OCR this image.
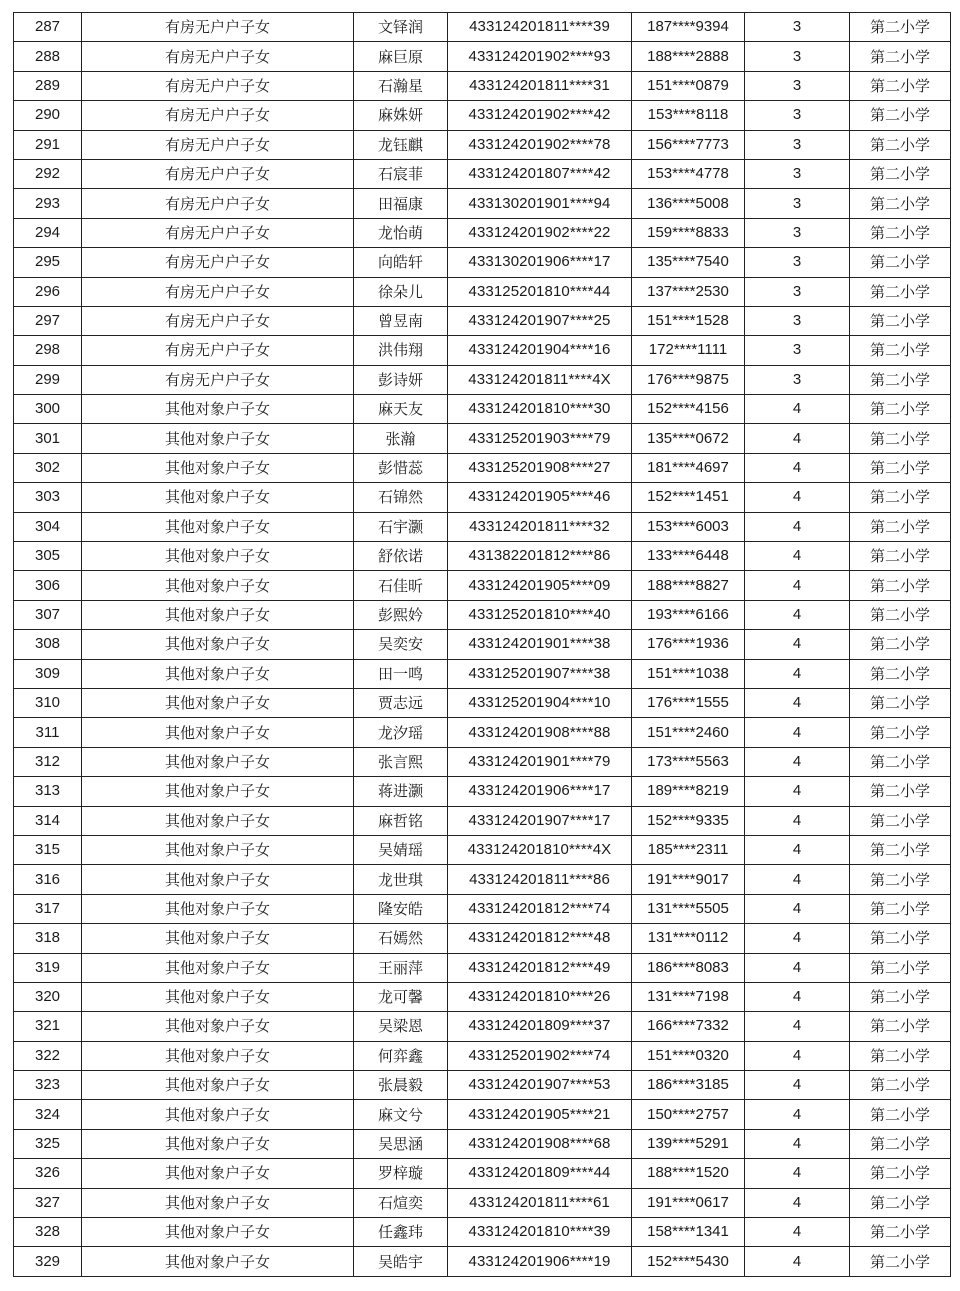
287	有房无户户子女	文铎润	433124201811****39	187****9394	3	第二小学
288	有房无户户子女	麻巨原	433124201902****93	188****2888	3	第二小学
289	有房无户户子女	石瀚星	433124201811****31	151****0879	3	第二小学
290	有房无户户子女	麻姝妍	433124201902****42	153****8118	3	第二小学
291	有房无户户子女	龙钰麒	433124201902****78	156****7773	3	第二小学
292	有房无户户子女	石宸菲	433124201807****42	153****4778	3	第二小学
293	有房无户户子女	田福康	433130201901****94	136****5008	3	第二小学
294	有房无户户子女	龙怡萌	433124201902****22	159****8833	3	第二小学
295	有房无户户子女	向皓轩	433130201906****17	135****7540	3	第二小学
296	有房无户户子女	徐朵儿	433125201810****44	137****2530	3	第二小学
297	有房无户户子女	曾昱南	433124201907****25	151****1528	3	第二小学
298	有房无户户子女	洪伟翔	433124201904****16	172****1111	3	第二小学
299	有房无户户子女	彭诗妍	433124201811****4X	176****9875	3	第二小学
300	其他对象户子女	麻天友	433124201810****30	152****4156	4	第二小学
301	其他对象户子女	张瀚	433125201903****79	135****0672	4	第二小学
302	其他对象户子女	彭惜蕊	433125201908****27	181****4697	4	第二小学
303	其他对象户子女	石锦然	433124201905****46	152****1451	4	第二小学
304	其他对象户子女	石宇灏	433124201811****32	153****6003	4	第二小学
305	其他对象户子女	舒依诺	431382201812****86	133****6448	4	第二小学
306	其他对象户子女	石佳昕	433124201905****09	188****8827	4	第二小学
307	其他对象户子女	彭熙妗	433125201810****40	193****6166	4	第二小学
308	其他对象户子女	吴奕安	433124201901****38	176****1936	4	第二小学
309	其他对象户子女	田一鸣	433125201907****38	151****1038	4	第二小学
310	其他对象户子女	贾志远	433125201904****10	176****1555	4	第二小学
311	其他对象户子女	龙汐瑶	433124201908****88	151****2460	4	第二小学
312	其他对象户子女	张言熙	433124201901****79	173****5563	4	第二小学
313	其他对象户子女	蒋进灏	433124201906****17	189****8219	4	第二小学
314	其他对象户子女	麻哲铭	433124201907****17	152****9335	4	第二小学
315	其他对象户子女	吴婧瑶	433124201810****4X	185****2311	4	第二小学
316	其他对象户子女	龙世琪	433124201811****86	191****9017	4	第二小学
317	其他对象户子女	隆安皓	433124201812****74	131****5505	4	第二小学
318	其他对象户子女	石嫣然	433124201812****48	131****0112	4	第二小学
319	其他对象户子女	王丽萍	433124201812****49	186****8083	4	第二小学
320	其他对象户子女	龙可馨	433124201810****26	131****7198	4	第二小学
321	其他对象户子女	吴梁恩	433124201809****37	166****7332	4	第二小学
322	其他对象户子女	何弈鑫	433125201902****74	151****0320	4	第二小学
323	其他对象户子女	张晨毅	433124201907****53	186****3185	4	第二小学
324	其他对象户子女	麻文兮	433124201905****21	150****2757	4	第二小学
325	其他对象户子女	吴思涵	433124201908****68	139****5291	4	第二小学
326	其他对象户子女	罗梓璇	433124201809****44	188****1520	4	第二小学
327	其他对象户子女	石煊奕	433124201811****61	191****0617	4	第二小学
328	其他对象户子女	任鑫玮	433124201810****39	158****1341	4	第二小学
329	其他对象户子女	吴皓宇	433124201906****19	152****5430	4	第二小学
